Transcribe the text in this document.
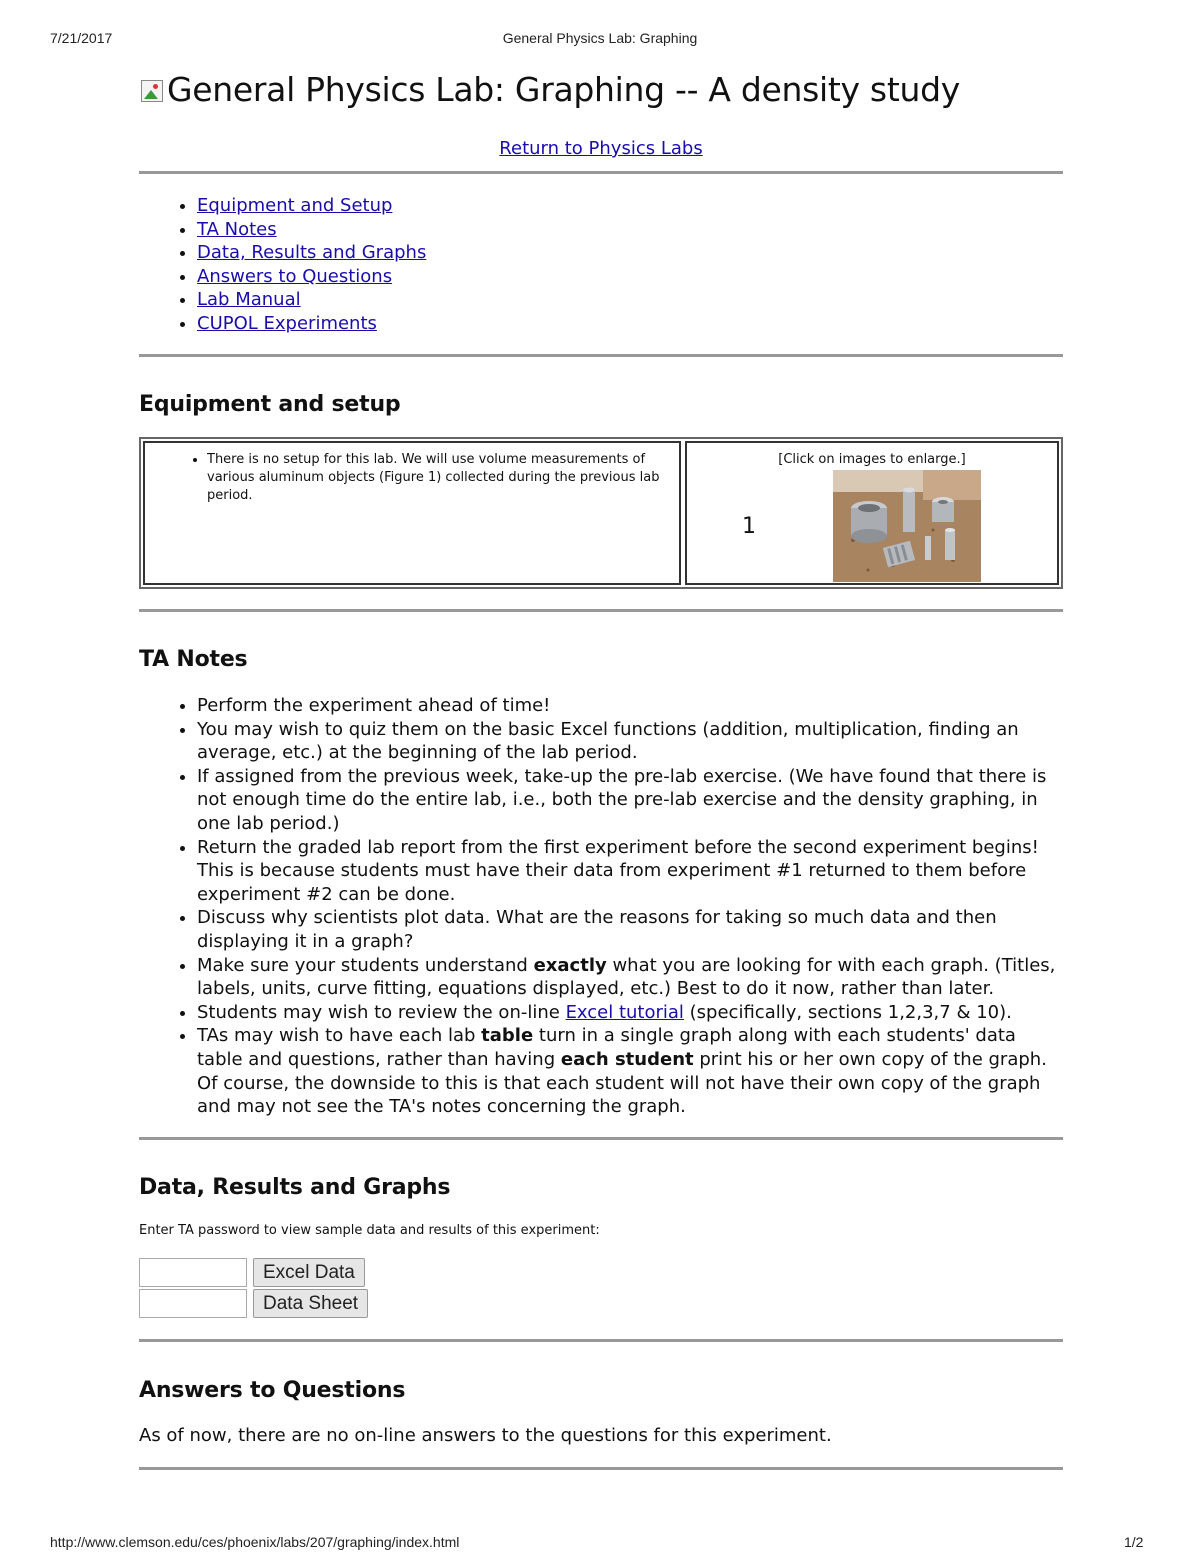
7/21/2017	General Physics Lab: Graphing
General Physics Lab: Graphing -- A density study
Return to Physics Labs
• Equipment and Setup
• TA Notes
• Data, Results and Graphs
• Answers to Questions
• Lab Manual
• CUPOL Experiments
Equipment and setup
• There is no setup for this lab. We will use volume measurements of various aluminum objects (Figure 1) collected during the previous lab period.
[Click on images to enlarge.]
1
TA Notes
• Perform the experiment ahead of time!
• You may wish to quiz them on the basic Excel functions (addition, multiplication, finding an average, etc.) at the beginning of the lab period.
• If assigned from the previous week, take-up the pre-lab exercise. (We have found that there is not enough time do the entire lab, i.e., both the pre-lab exercise and the density graphing, in one lab period.)
• Return the graded lab report from the first experiment before the second experiment begins! This is because students must have their data from experiment #1 returned to them before experiment #2 can be done.
• Discuss why scientists plot data. What are the reasons for taking so much data and then displaying it in a graph?
• Make sure your students understand exactly what you are looking for with each graph. (Titles, labels, units, curve fitting, equations displayed, etc.) Best to do it now, rather than later.
• Students may wish to review the on-line Excel tutorial (specifically, sections 1,2,3,7 & 10).
• TAs may wish to have each lab table turn in a single graph along with each students' data table and questions, rather than having each student print his or her own copy of the graph. Of course, the downside to this is that each student will not have their own copy of the graph and may not see the TA's notes concerning the graph.
Data, Results and Graphs
Enter TA password to view sample data and results of this experiment:
Excel Data
Data Sheet
Answers to Questions
As of now, there are no on-line answers to the questions for this experiment.
http://www.clemson.edu/ces/phoenix/labs/207/graphing/index.html	1/2
